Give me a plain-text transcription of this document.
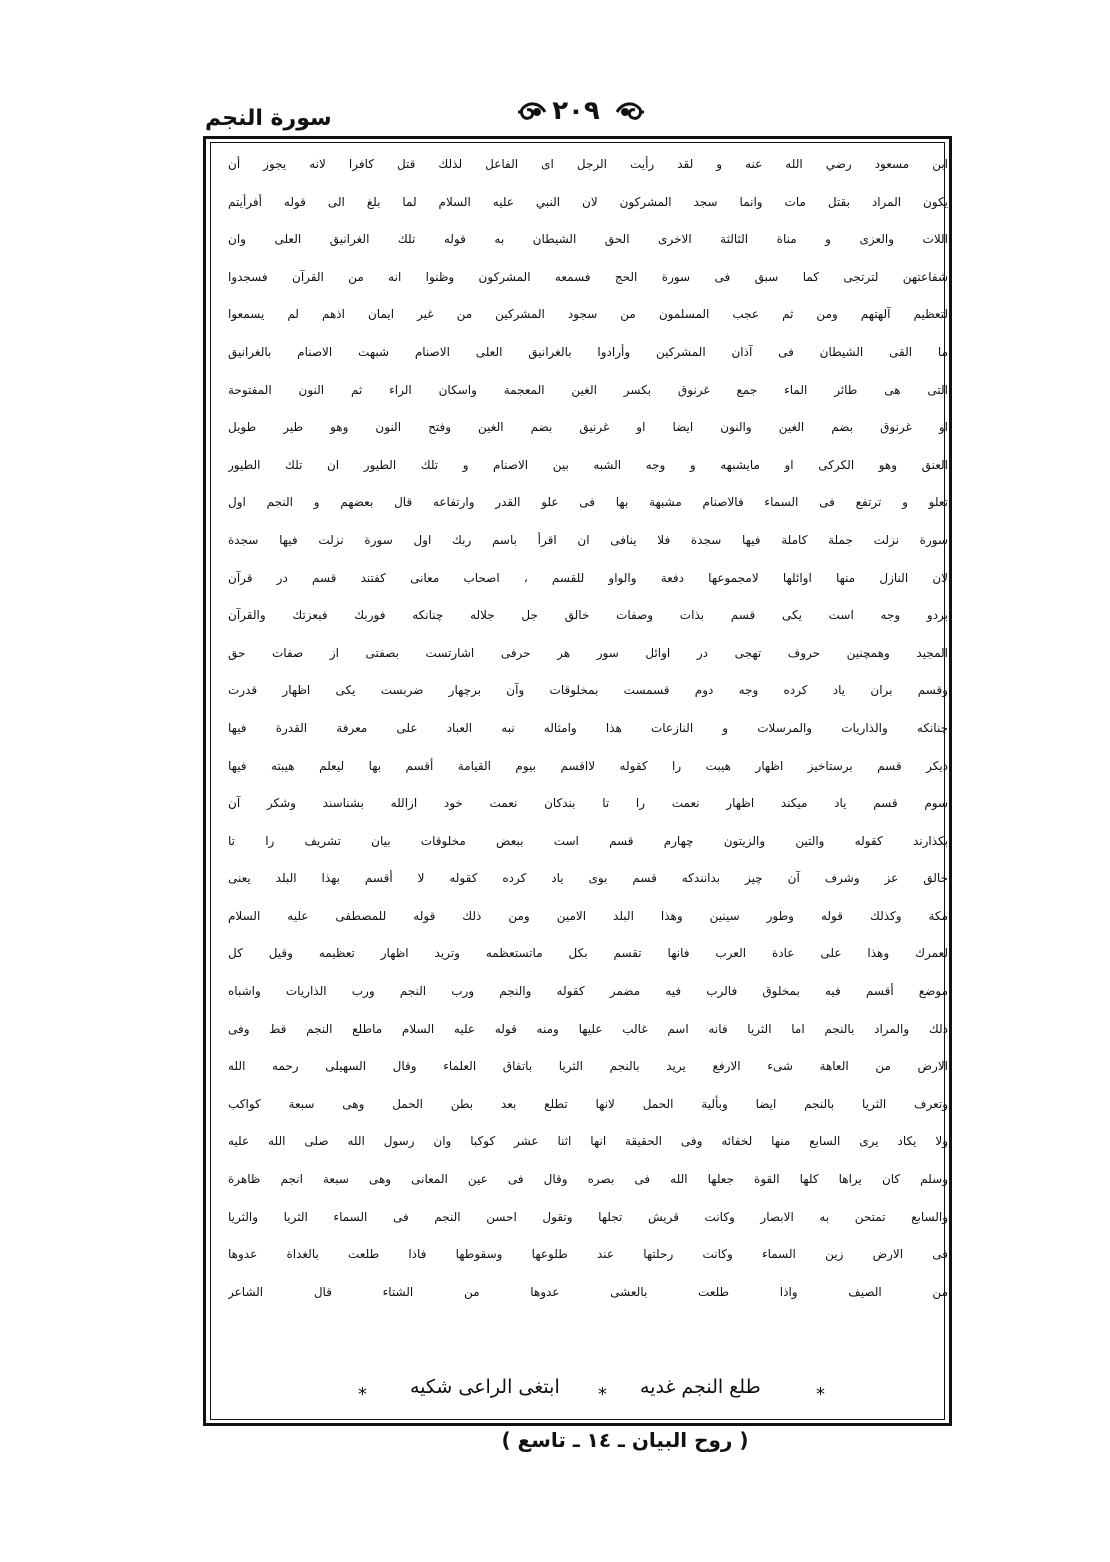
سورة النجم	٢٠٩
ابن مسعود رضي الله عنه و لقد رأيت الرجل اى الفاعل لذلك قتل كافرا لانه يجوز أن
يكون المراد بقتل مات وانما سجد المشركون لان النبي عليه السلام لما بلغ الى قوله أفرأيتم
اللات والعزى و مناة الثالثة الاخرى الحق الشيطان به قوله تلك الغرانيق العلى وان
شفاعتهن لترتجى كما سبق فى سورة الحج فسمعه المشركون وظنوا انه من القرآن فسجدوا
لتعظيم آلهتهم ومن ثم عجب المسلمون من سجود المشركين من غير ايمان اذهم لم يسمعوا
ما القى الشيطان فى آذان المشركين وأرادوا بالغرانيق العلى الاصنام شبهت الاصنام بالغرانيق
التى هى طائر الماء جمع غرنوق بكسر الغين المعجمة واسكان الراء ثم النون المفتوحة
او غرنوق بضم الغين والنون ايضا او غرنيق بضم الغين وفتح النون وهو طير طويل
العنق وهو الكركى او مايشبهه و وجه الشبه بين الاصنام و تلك الطيور ان تلك الطيور
تعلو و ترتفع فى السماء فالاصنام مشبهة بها فى علو القدر وارتفاعه قال بعضهم و النجم اول
سورة نزلت جملة كاملة فيها سجدة فلا ينافى ان اقرأ باسم ربك اول سورة نزلت فيها سجدة
لان النازل منها اوائلها لامجموعها دفعة والواو للقسم ، اصحاب معانى كفتند قسم در قرآن
بردو وجه است يكى قسم بذات وصفات خالق جل جلاله چنانكه فوربك فبعزتك والقرآن
المجيد وهمچنين حروف تهجى در اوائل سور هر حرفى اشارتست بصفتى از صفات حق
وقسم بران ياد كرده وجه دوم قسمست بمخلوقات وآن برچهار ضربست يكى اظهار قدرت
چنانكه والذاريات والمرسلات و النازعات هذا وامثاله نبه العباد على معرفة القدرة فيها
ديكر قسم برستاخيز اظهار هيبت را كقوله لااقسم بيوم القيامة أقسم بها ليعلم هيبته فيها
سوم قسم ياد ميكند اظهار نعمت را تا بندكان نعمت خود ازالله بشناسند وشكر آن
بكذارند كقوله والتين والزيتون چهارم قسم است ببعض مخلوقات بيان تشريف را تا
خالق عز وشرف آن چيز بدانندكه قسم بوى ياد كرده كقوله لا أقسم بهذا البلد يعنى
مكة وكذلك قوله وطور سينين وهذا البلد الامين ومن ذلك قوله للمصطفى عليه السلام
لعمرك وهذا على عادة العرب فانها تقسم بكل ماتستعظمه وتريد اظهار تعظيمه وقيل كل
موضع أقسم فيه بمخلوق فالرب فيه مضمر كقوله والنجم ورب النجم ورب الذاريات واشباه
ذلك والمراد بالنجم اما الثريا فانه اسم غالب عليها ومنه قوله عليه السلام ماطلع النجم قط وفى
الارض من العاهة شىء الارفع يريد بالنجم الثريا باتفاق العلماء وقال السهيلى رحمه الله
وتعرف الثريا بالنجم ايضا وبألية الحمل لانها تطلع بعد بطن الحمل وهى سبعة كواكب
ولا يكاد يرى السابع منها لخفائه وفى الحقيقة انها اثنا عشر كوكبا وان رسول الله صلى الله عليه
وسلم كان يراها كلها القوة جعلها الله فى بصره وقال فى عين المعانى وهى سبعة انجم ظاهرة
والسابع تمتحن به الابصار وكانت قريش تجلها وتقول احسن النجم فى السماء الثريا والثريا
فى الارض زين السماء وكانت رحلتها عند طلوعها وسقوطها فاذا طلعت بالغداة عدوها
من الصيف واذا طلعت بالعشى عدوها من الشتاء قال الشاعر
* ابتغى الراعى شكيه * طلع النجم غديه	*
( روح البيان ـ ١٤ ـ تاسع )
